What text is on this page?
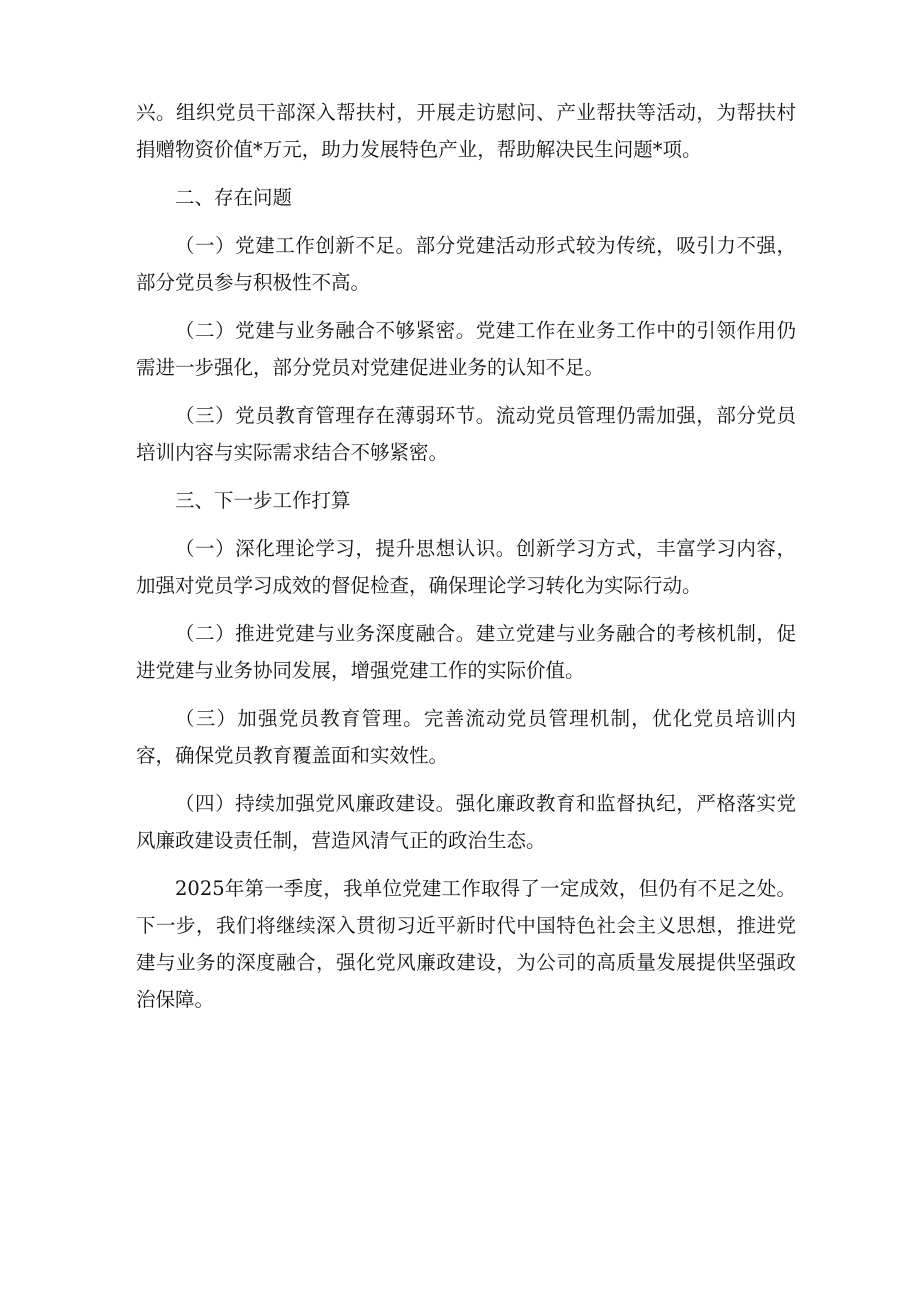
兴。组织党员干部深入帮扶村，开展走访慰问、产业帮扶等活动，为帮扶村捐赠物资价值*万元，助力发展特色产业，帮助解决民生问题*项。

二、存在问题

（一）党建工作创新不足。部分党建活动形式较为传统，吸引力不强，部分党员参与积极性不高。

（二）党建与业务融合不够紧密。党建工作在业务工作中的引领作用仍需进一步强化，部分党员对党建促进业务的认知不足。

（三）党员教育管理存在薄弱环节。流动党员管理仍需加强，部分党员培训内容与实际需求结合不够紧密。

三、下一步工作打算

（一）深化理论学习，提升思想认识。创新学习方式，丰富学习内容，加强对党员学习成效的督促检查，确保理论学习转化为实际行动。

（二）推进党建与业务深度融合。建立党建与业务融合的考核机制，促进党建与业务协同发展，增强党建工作的实际价值。

（三）加强党员教育管理。完善流动党员管理机制，优化党员培训内容，确保党员教育覆盖面和实效性。

（四）持续加强党风廉政建设。强化廉政教育和监督执纪，严格落实党风廉政建设责任制，营造风清气正的政治生态。

2025年第一季度，我单位党建工作取得了一定成效，但仍有不足之处。下一步，我们将继续深入贯彻习近平新时代中国特色社会主义思想，推进党建与业务的深度融合，强化党风廉政建设，为公司的高质量发展提供坚强政治保障。
